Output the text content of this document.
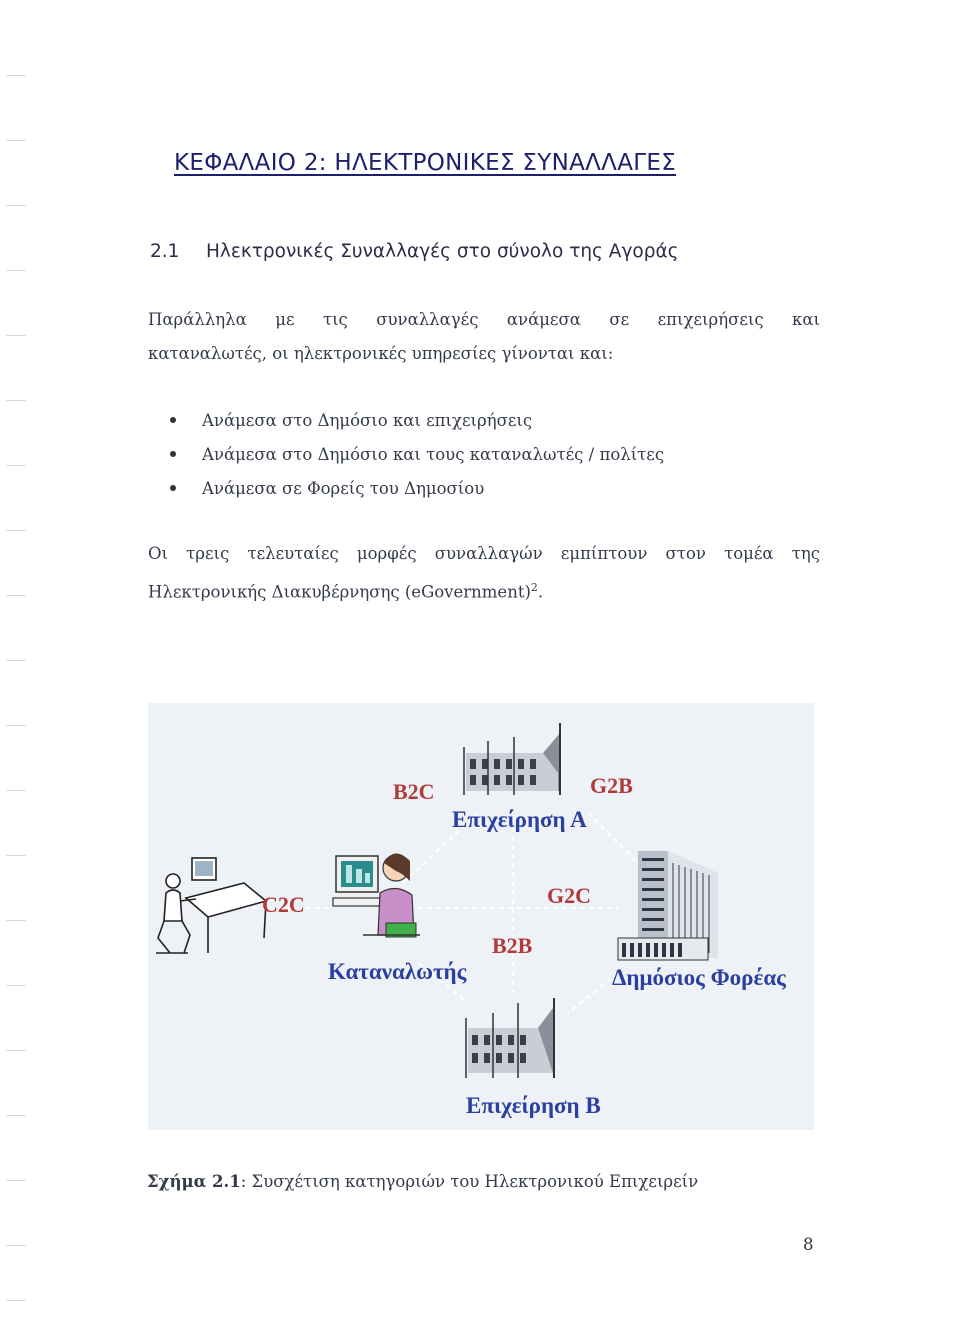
ΚΕΦΑΛΑΙΟ 2: ΗΛΕΚΤΡΟΝΙΚΕΣ ΣΥΝΑΛΛΑΓΕΣ
2.1 Ηλεκτρονικές Συναλλαγές στο σύνολο της Αγοράς
Παράλληλα με τις συναλλαγές ανάμεσα σε επιχειρήσεις και
καταναλωτές, οι ηλεκτρονικές υπηρεσίες γίνονται και:
Ανάμεσα στο Δημόσιο και επιχειρήσεις
Ανάμεσα στο Δημόσιο και τους καταναλωτές / πολίτες
Ανάμεσα σε Φορείς του Δημοσίου
Οι τρεις τελευταίες μορφές συναλλαγών εμπίπτουν στον τομέα της
Ηλεκτρονικής Διακυβέρνησης (eGovernment)$^2$.
B2C	G2B
C2C	G2C
B2B
Επιχείρηση Α
Καταναλωτής	Δημόσιος Φορέας
Επιχείρηση Β
Σχήμα 2.1: Συσχέτιση κατηγοριών του Ηλεκτρονικού Επιχειρείν
8
